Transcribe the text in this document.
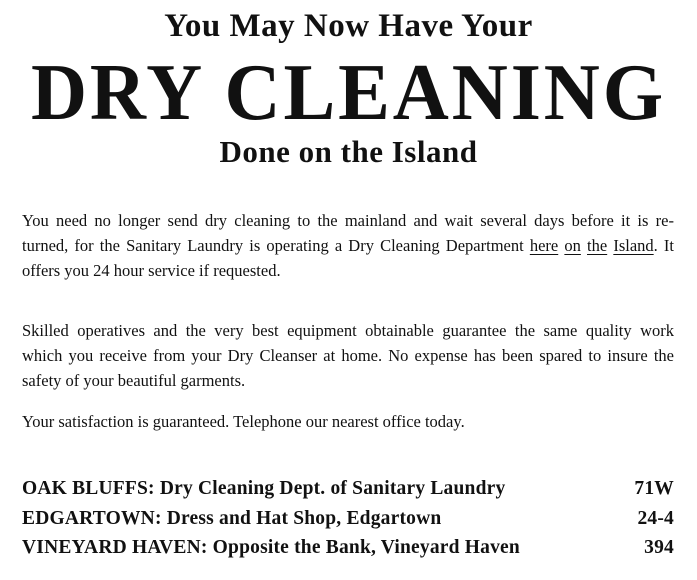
You May Now Have Your
DRY CLEANING
Done on the Island
You need no longer send dry cleaning to the mainland and wait several days before it is re-
turned, for the Sanitary Laundry is operating a Dry Cleaning Department here on the Island. It
offers you 24 hour service if requested.
Skilled operatives and the very best equipment obtainable guarantee the same quality work
which you receive from your Dry Cleanser at home. No expense has been spared to insure the
safety of your beautiful garments.
Your satisfaction is guaranteed. Telephone our nearest office today.
OAK BLUFFS: Dry Cleaning Dept. of Sanitary Laundry	71W
EDGARTOWN: Dress and Hat Shop, Edgartown	24-4
VINEYARD HAVEN: Opposite the Bank, Vineyard Haven	394
